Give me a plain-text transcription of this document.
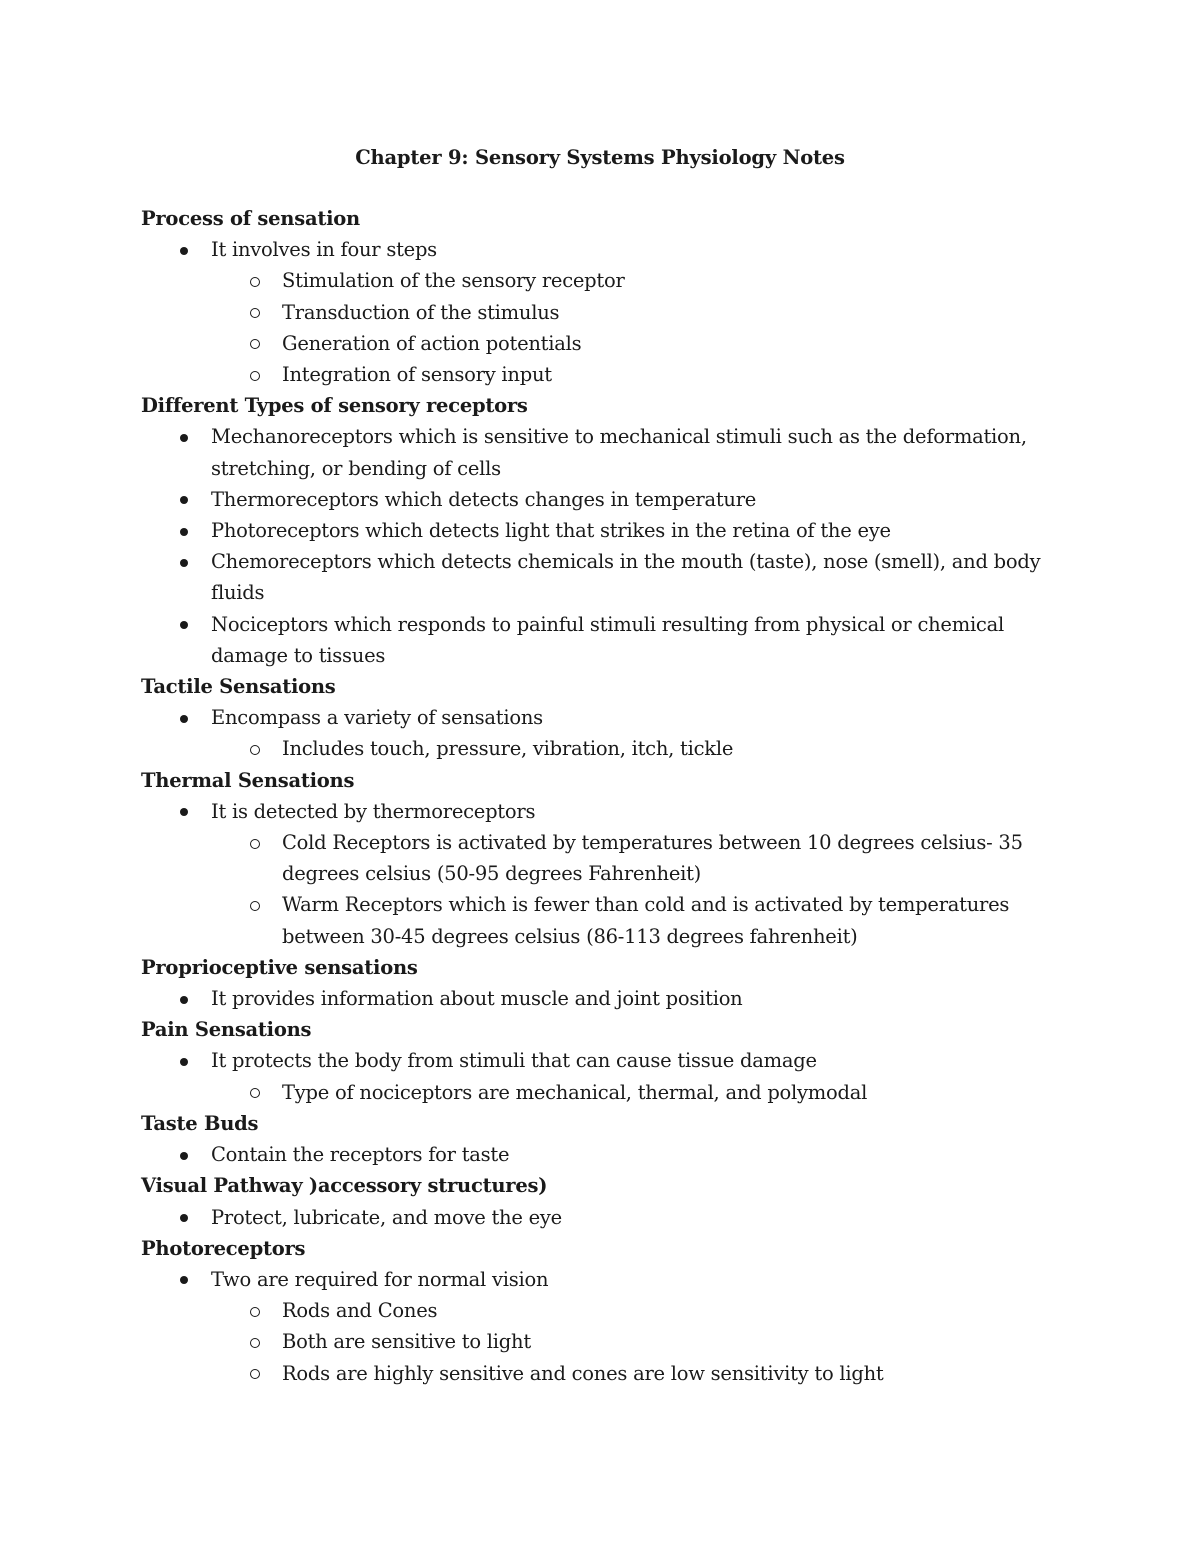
Chapter 9: Sensory Systems Physiology Notes
Process of sensation
It involves in four steps
Stimulation of the sensory receptor
Transduction of the stimulus
Generation of action potentials
Integration of sensory input
Different Types of sensory receptors
Mechanoreceptors which is sensitive to mechanical stimuli such as the deformation, stretching, or bending of cells
Thermoreceptors which detects changes in temperature
Photoreceptors which detects light that strikes in the retina of the eye
Chemoreceptors which detects chemicals in the mouth (taste), nose (smell), and body fluids
Nociceptors which responds to painful stimuli resulting from physical or chemical damage to tissues
Tactile Sensations
Encompass a variety of sensations
Includes touch, pressure, vibration, itch, tickle
Thermal Sensations
It is detected by thermoreceptors
Cold Receptors is activated by temperatures between 10 degrees celsius- 35 degrees celsius (50-95 degrees Fahrenheit)
Warm Receptors which is fewer than cold and is activated by temperatures between 30-45 degrees celsius (86-113 degrees fahrenheit)
Proprioceptive sensations
It provides information about muscle and joint position
Pain Sensations
It protects the body from stimuli that can cause tissue damage
Type of nociceptors are mechanical, thermal, and polymodal
Taste Buds
Contain the receptors for taste
Visual Pathway )accessory structures)
Protect, lubricate, and move the eye
Photoreceptors
Two are required for normal vision
Rods and Cones
Both are sensitive to light
Rods are highly sensitive and cones are low sensitivity to light
